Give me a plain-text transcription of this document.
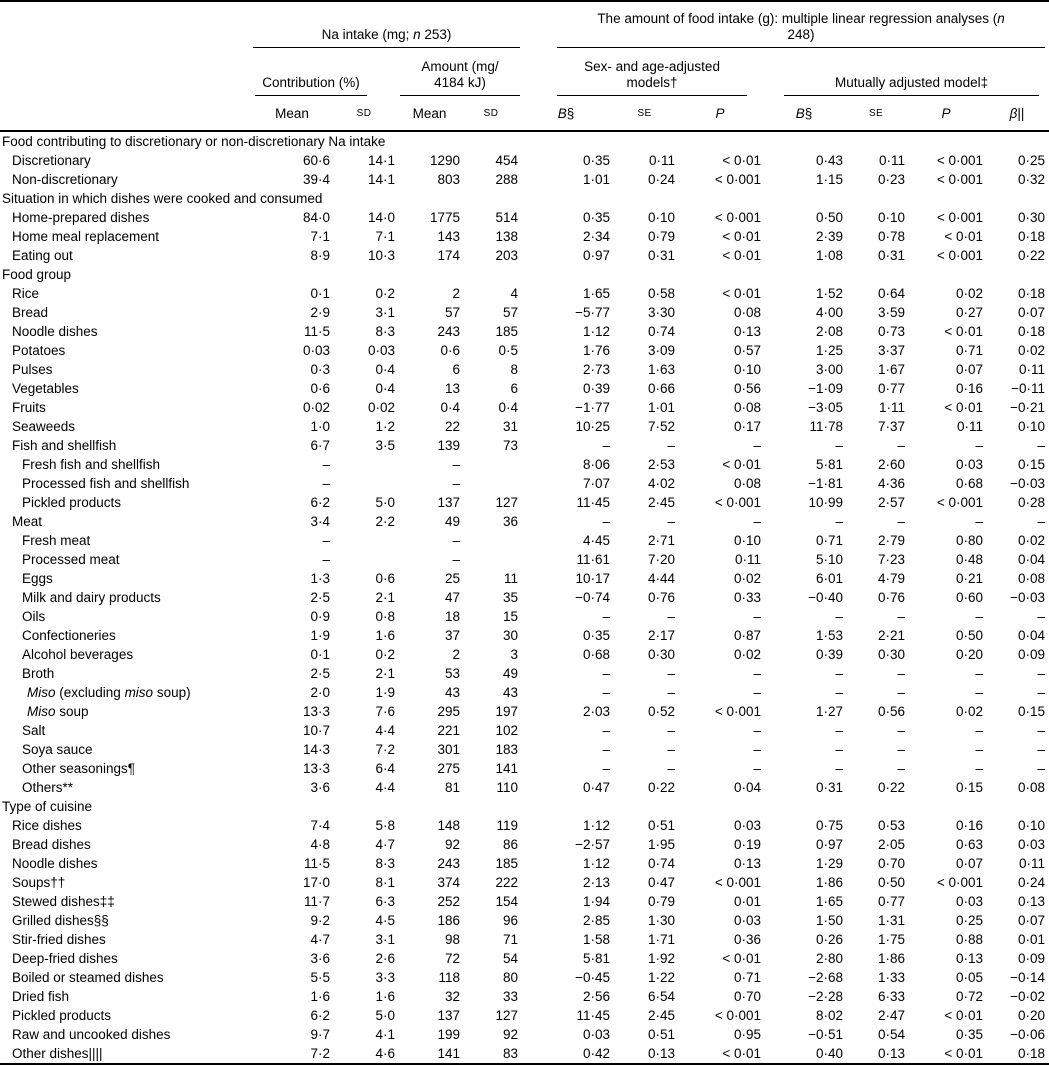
	Na intake (mg; n 253)				The amount of food intake (g): multiple linear regression analyses (n
248)						

	Contribution (%)		Amount (mg/
4184 kJ)		Sex- and age-adjusted
models†			Mutually adjusted model‡			

	Mean	SD	Mean	SD	B§	SE	P	B§	SE	P	β||
Food contributing to discretionary or non-discretionary Na intake											
Discretionary	60·6	14·1	1290	454	0·35	0·11	< 0·01	0·43	0·11	< 0·001	0·25
Non-discretionary	39·4	14·1	803	288	1·01	0·24	< 0·001	1·15	0·23	< 0·001	0·32
Situation in which dishes were cooked and consumed											
Home-prepared dishes	84·0	14·0	1775	514	0·35	0·10	< 0·001	0·50	0·10	< 0·001	0·30
Home meal replacement	7·1	7·1	143	138	2·34	0·79	< 0·01	2·39	0·78	< 0·01	0·18
Eating out	8·9	10·3	174	203	0·97	0·31	< 0·01	1·08	0·31	< 0·001	0·22
Food group											
Rice	0·1	0·2	2	4	1·65	0·58	< 0·01	1·52	0·64	0·02	0·18
Bread	2·9	3·1	57	57	−5·77	3·30	0·08	4·00	3·59	0·27	0·07
Noodle dishes	11·5	8·3	243	185	1·12	0·74	0·13	2·08	0·73	< 0·01	0·18
Potatoes	0·03	0·03	0·6	0·5	1·76	3·09	0·57	1·25	3·37	0·71	0·02
Pulses	0·3	0·4	6	8	2·73	1·63	0·10	3·00	1·67	0·07	0·11
Vegetables	0·6	0·4	13	6	0·39	0·66	0·56	−1·09	0·77	0·16	−0·11
Fruits	0·02	0·02	0·4	0·4	−1·77	1·01	0·08	−3·05	1·11	< 0·01	−0·21
Seaweeds	1·0	1·2	22	31	10·25	7·52	0·17	11·78	7·37	0·11	0·10
Fish and shellfish	6·7	3·5	139	73	–	–	–	–	–	–	–
Fresh fish and shellfish	–		–		8·06	2·53	< 0·01	5·81	2·60	0·03	0·15
Processed fish and shellfish	–		–		7·07	4·02	0·08	−1·81	4·36	0·68	−0·03
Pickled products	6·2	5·0	137	127	11·45	2·45	< 0·001	10·99	2·57	< 0·001	0·28
Meat	3·4	2·2	49	36	–	–	–	–	–	–	–
Fresh meat	–		–		4·45	2·71	0·10	0·71	2·79	0·80	0·02
Processed meat	–		–		11·61	7·20	0·11	5·10	7·23	0·48	0·04
Eggs	1·3	0·6	25	11	10·17	4·44	0·02	6·01	4·79	0·21	0·08
Milk and dairy products	2·5	2·1	47	35	−0·74	0·76	0·33	−0·40	0·76	0·60	−0·03
Oils	0·9	0·8	18	15	–	–	–	–	–	–	–
Confectioneries	1·9	1·6	37	30	0·35	2·17	0·87	1·53	2·21	0·50	0·04
Alcohol beverages	0·1	0·2	2	3	0·68	0·30	0·02	0·39	0·30	0·20	0·09
Broth	2·5	2·1	53	49	–	–	–	–	–	–	–
Miso (excluding miso soup)	2·0	1·9	43	43	–	–	–	–	–	–	–
Miso soup	13·3	7·6	295	197	2·03	0·52	< 0·001	1·27	0·56	0·02	0·15
Salt	10·7	4·4	221	102	–	–	–	–	–	–	–
Soya sauce	14·3	7·2	301	183	–	–	–	–	–	–	–
Other seasonings¶	13·3	6·4	275	141	–	–	–	–	–	–	–
Others**	3·6	4·4	81	110	0·47	0·22	0·04	0·31	0·22	0·15	0·08
Type of cuisine											
Rice dishes	7·4	5·8	148	119	1·12	0·51	0·03	0·75	0·53	0·16	0·10
Bread dishes	4·8	4·7	92	86	−2·57	1·95	0·19	0·97	2·05	0·63	0·03
Noodle dishes	11·5	8·3	243	185	1·12	0·74	0·13	1·29	0·70	0·07	0·11
Soups††	17·0	8·1	374	222	2·13	0·47	< 0·001	1·86	0·50	< 0·001	0·24
Stewed dishes‡‡	11·7	6·3	252	154	1·94	0·79	0·01	1·65	0·77	0·03	0·13
Grilled dishes§§	9·2	4·5	186	96	2·85	1·30	0·03	1·50	1·31	0·25	0·07
Stir-fried dishes	4·7	3·1	98	71	1·58	1·71	0·36	0·26	1·75	0·88	0·01
Deep-fried dishes	3·6	2·6	72	54	5·81	1·92	< 0·01	2·80	1·86	0·13	0·09
Boiled or steamed dishes	5·5	3·3	118	80	−0·45	1·22	0·71	−2·68	1·33	0·05	−0·14
Dried fish	1·6	1·6	32	33	2·56	6·54	0·70	−2·28	6·33	0·72	−0·02
Pickled products	6·2	5·0	137	127	11·45	2·45	< 0·001	8·02	2·47	< 0·01	0·20
Raw and uncooked dishes	9·7	4·1	199	92	0·03	0·51	0·95	−0·51	0·54	0·35	−0·06
Other dishes||||	7·2	4·6	141	83	0·42	0·13	< 0·01	0·40	0·13	< 0·01	0·18
